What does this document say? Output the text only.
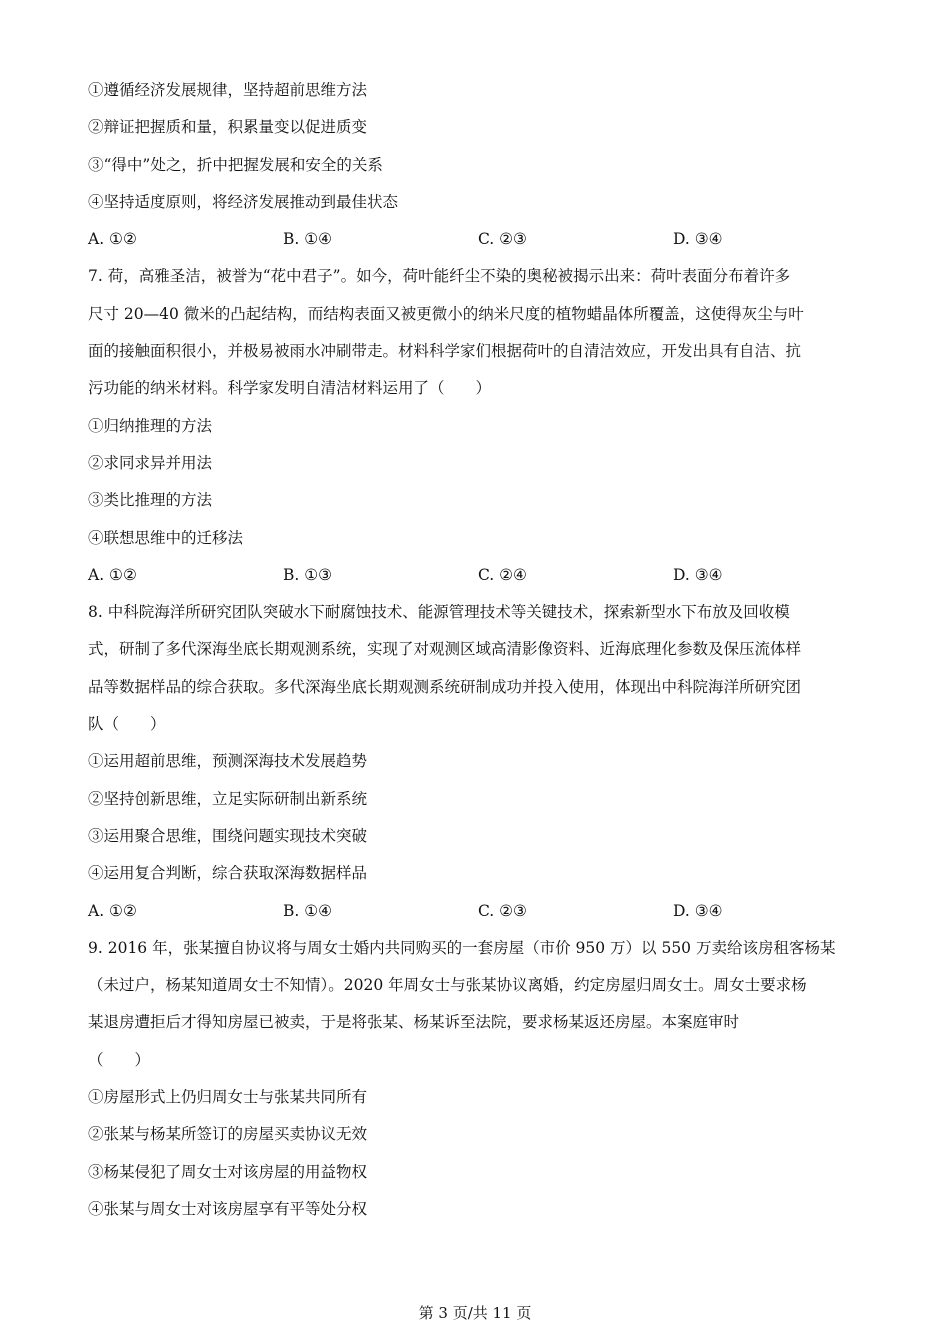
①遵循经济发展规律，坚持超前思维方法
②辩证把握质和量，积累量变以促进质变
③“得中”处之，折中把握发展和安全的关系
④坚持适度原则，将经济发展推动到最佳状态
A. ①②	B. ①④	C. ②③	D. ③④
7. 荷，高雅圣洁，被誉为“花中君子”。如今，荷叶能纤尘不染的奥秘被揭示出来：荷叶表面分布着许多
尺寸 20—40 微米的凸起结构，而结构表面又被更微小的纳米尺度的植物蜡晶体所覆盖，这使得灰尘与叶
面的接触面积很小，并极易被雨水冲刷带走。材料科学家们根据荷叶的自清洁效应，开发出具有自洁、抗
污功能的纳米材料。科学家发明自清洁材料运用了（　　）
①归纳推理的方法
②求同求异并用法
③类比推理的方法
④联想思维中的迁移法
A. ①②	B. ①③	C. ②④	D. ③④
8. 中科院海洋所研究团队突破水下耐腐蚀技术、能源管理技术等关键技术，探索新型水下布放及回收模
式，研制了多代深海坐底长期观测系统，实现了对观测区域高清影像资料、近海底理化参数及保压流体样
品等数据样品的综合获取。多代深海坐底长期观测系统研制成功并投入使用，体现出中科院海洋所研究团
队（　　）
①运用超前思维，预测深海技术发展趋势
②坚持创新思维，立足实际研制出新系统
③运用聚合思维，围绕问题实现技术突破
④运用复合判断，综合获取深海数据样品
A. ①②	B. ①④	C. ②③	D. ③④
9. 2016 年，张某擅自协议将与周女士婚内共同购买的一套房屋（市价 950 万）以 550 万卖给该房租客杨某
（未过户，杨某知道周女士不知情）。2020 年周女士与张某协议离婚，约定房屋归周女士。周女士要求杨
某退房遭拒后才得知房屋已被卖，于是将张某、杨某诉至法院，要求杨某返还房屋。本案庭审时
（　　）
①房屋形式上仍归周女士与张某共同所有
②张某与杨某所签订的房屋买卖协议无效
③杨某侵犯了周女士对该房屋的用益物权
④张某与周女士对该房屋享有平等处分权
第 3 页/共 11 页
